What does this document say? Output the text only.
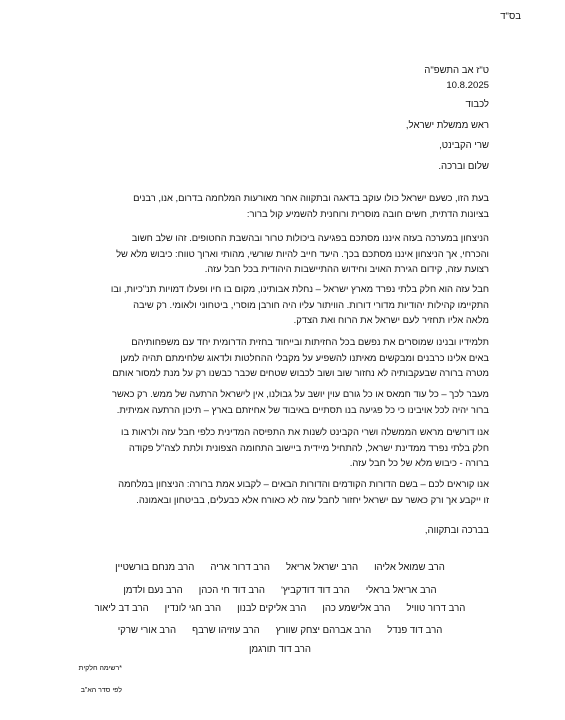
בס"ד
ט"ז אב התשפ"ה
10.8.2025
לכבוד
ראש ממשלת ישראל,
שרי הקבינט,
שלום וברכה.
בעת הזו, כשעם ישראל כולו עוקב בדאגה ובתקווה אחר מאורעות המלחמה בדרום, אנו, רבנים
בציונות הדתית, חשים חובה מוסרית ורוחנית להשמיע קול ברור:
הניצחון במערכה בעזה איננו מסתכם בפגיעה ביכולות טרור ובהשבת החטופים. זהו שלב חשוב
והכרחי, אך הניצחון איננו מסתכם בכך. היעד חייב להיות שורשי, מהותי וארוך טווח: כיבוש מלא של
רצועת עזה, קידום הגירת האויב וחידוש ההתיישבות היהודית בכל חבל עזה.
חבל עזה הוא חלק בלתי נפרד מארץ ישראל – נחלת אבותינו, מקום בו חיו ופעלו דמויות תנ"כיות, ובו
התקיימו קהילות יהודיות מדורי דורות. הוויתור עליו היה חורבן מוסרי, ביטחוני ולאומי. רק שיבה
מלאה אליו תחזיר לעם ישראל את הרוח ואת הצדק.
תלמידיו ובנינו שמוסרים את נפשם בכל החזיתות ובייחוד בחזית הדרומית יחד עם משפחותיהם
באים אלינו כרבנים ומבקשים מאיתנו להשפיע על מקבלי ההחלטות ולדאוג שלחימתם תהיה למען
מטרה ברורה שבעקבותיה לא נחזור שוב ושוב לכבוש שטחים שכבר כבשנו רק על מנת למסור אותם
מעבר לכך – כל עוד חמאס או כל גורם עוין יושב על גבולנו, אין לישראל הרתעה של ממש. רק כאשר
ברור יהיה לכל אויבינו כי כל פגיעה בנו תסתיים באיבוד של אחיזתם בארץ – תיכון הרתעה אמיתית.
אנו דורשים מראש הממשלה ושרי הקבינט לשנות את התפיסה המדינית כלפי חבל עזה ולראות בו
חלק בלתי נפרד ממדינת ישראל, להתחיל מיידית ביישוב התחומה הצפונית ולתת לצה"ל פקודה
ברורה - כיבוש מלא של כל חבל עזה.
אנו קוראים לכם – בשם הדורות הקודמים והדורות הבאים – לקבוע אמת ברורה: הניצחון במלחמה
זו ייקבע אך ורק כאשר עם ישראל יחזור לחבל עזה לא כאורח אלא כבעלים, בביטחון ובאמונה.
בברכה ובתקווה,
הרב שמואל אליהוהרב ישראל אריאלהרב דרור אריההרב מנחם בורשטיין
הרב אריאל בראליהרב דוד דודקביץ'הרב דוד חי הכהןהרב נעם ולדמן
הרב דרור טווילהרב אלישמע כהןהרב אליקים לבנוןהרב חגי לונדיןהרב דב ליאור
הרב דוד פנדלהרב אברהם יצחק שוורץהרב עוזיהו שרבףהרב אורי שרקי
הרב דוד תורגמן
*רשימה חלקית
לפי סדר הא"ב
